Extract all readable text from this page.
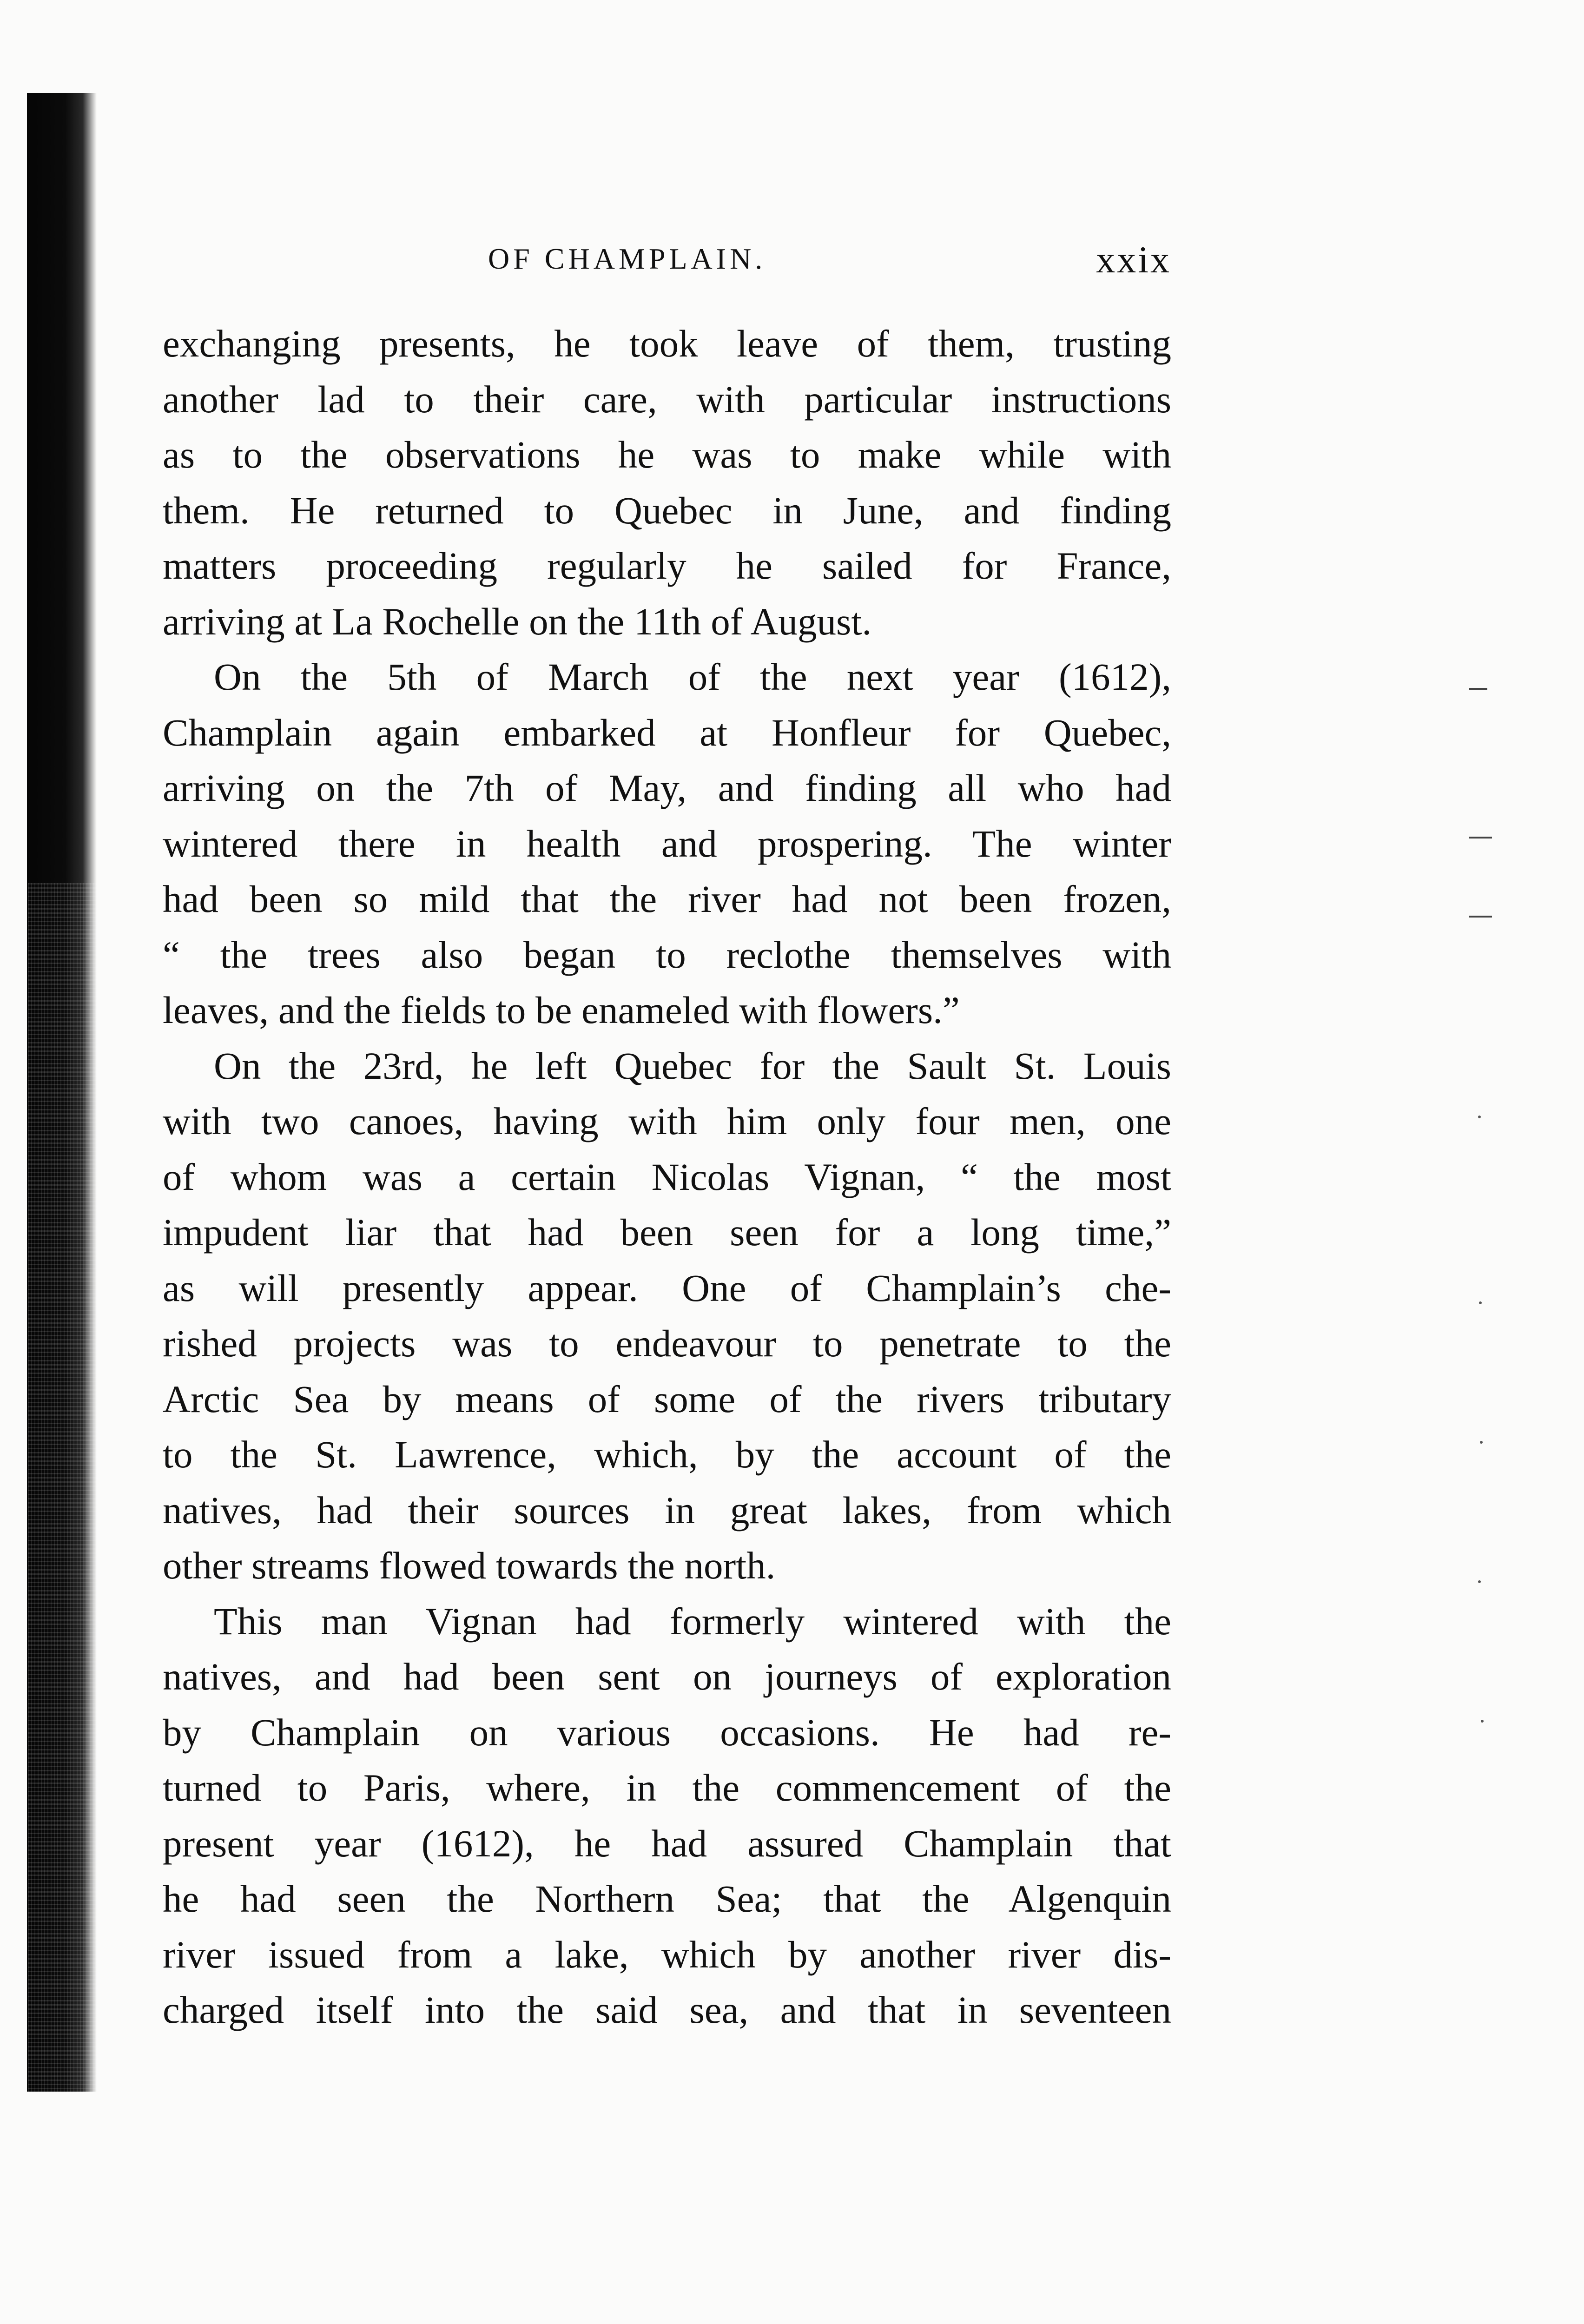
OF CHAMPLAIN.	xxix

exchanging presents, he took leave of them, trusting
another lad to their care, with particular instructions
as to the observations he was to make while with
them. He returned to Quebec in June, and finding
matters proceeding regularly he sailed for France,
arriving at La Rochelle on the 11th of August.

On the 5th of March of the next year (1612),
Champlain again embarked at Honfleur for Quebec,
arriving on the 7th of May, and finding all who had
wintered there in health and prospering. The winter
had been so mild that the river had not been frozen,
“ the trees also began to reclothe themselves with
leaves, and the fields to be enameled with flowers.”

On the 23rd, he left Quebec for the Sault St. Louis
with two canoes, having with him only four men, one
of whom was a certain Nicolas Vignan, “ the most
impudent liar that had been seen for a long time,”
as will presently appear. One of Champlain’s che-
rished projects was to endeavour to penetrate to the
Arctic Sea by means of some of the rivers tributary
to the St. Lawrence, which, by the account of the
natives, had their sources in great lakes, from which
other streams flowed towards the north.

This man Vignan had formerly wintered with the
natives, and had been sent on journeys of exploration
by Champlain on various occasions. He had re-
turned to Paris, where, in the commencement of the
present year (1612), he had assured Champlain that
he had seen the Northern Sea; that the Algenquin
river issued from a lake, which by another river dis-
charged itself into the said sea, and that in seventeen
